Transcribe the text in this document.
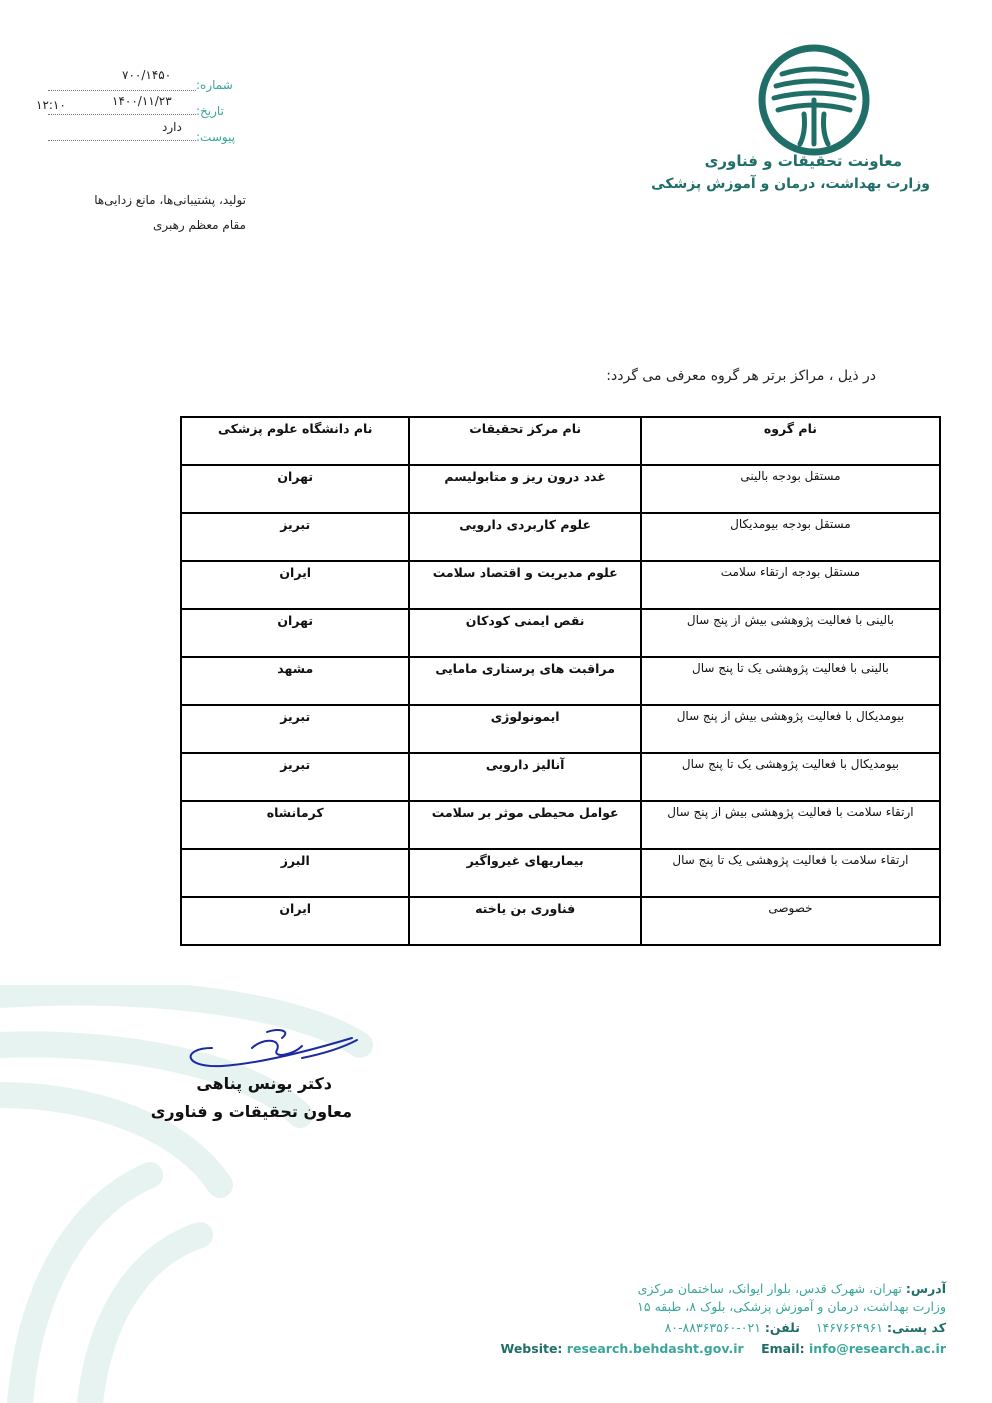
معاونت تحقیقات و فناوری
وزارت بهداشت، درمان و آموزش پزشکی
شماره:
۷۰۰/۱۴۵۰
تاریخ:
۱۴۰۰/۱۱/۲۳
۱۲:۱۰
پیوست:
دارد
تولید، پشتیبانی‌ها، مانع زدایی‌ها
مقام معظم رهبری
در ذیل ، مراکز برتر هر گروه معرفی می گردد:
نام گروه	نام مرکز تحقیقات	نام دانشگاه علوم پزشکی
مستقل بودجه بالینی	غدد درون ریز و متابولیسم	تهران
مستقل بودجه بیومدیکال	علوم کاربردی دارویی	تبریز
مستقل بودجه ارتقاء سلامت	علوم مدیریت و اقتصاد سلامت	ایران
بالینی با فعالیت پژوهشی بیش از پنج سال	نقص ایمنی کودکان	تهران
بالینی با فعالیت پژوهشی یک تا پنج سال	مراقبت های پرستاری مامایی	مشهد
بیومدیکال با فعالیت پژوهشی بیش از پنج سال	ایمونولوژی	تبریز
بیومدیکال با فعالیت پژوهشی یک تا پنج سال	آنالیز دارویی	تبریز
ارتقاء سلامت با فعالیت پژوهشی بیش از پنج سال	عوامل محیطی موثر بر سلامت	کرمانشاه
ارتقاء سلامت با فعالیت پژوهشی یک تا پنج سال	بیماریهای غیرواگیر	البرز
خصوصی	فناوری بن یاخته	ایران
دکتر یونس پناهی
معاون تحقیقات و فناوری
آدرس: تهران، شهرک قدس، بلوار ایوانک، ساختمان مرکزی
وزارت بهداشت، درمان و آموزش پزشکی، بلوک ۸، طبقه ۱۵
کد پستی: ۱۴۶۷۶۶۴۹۶۱    تلفن: ۰۲۱-۸۸۳۶۳۵۶۰-۸۰
Website: research.behdasht.gov.ir Email: info@research.ac.ir
